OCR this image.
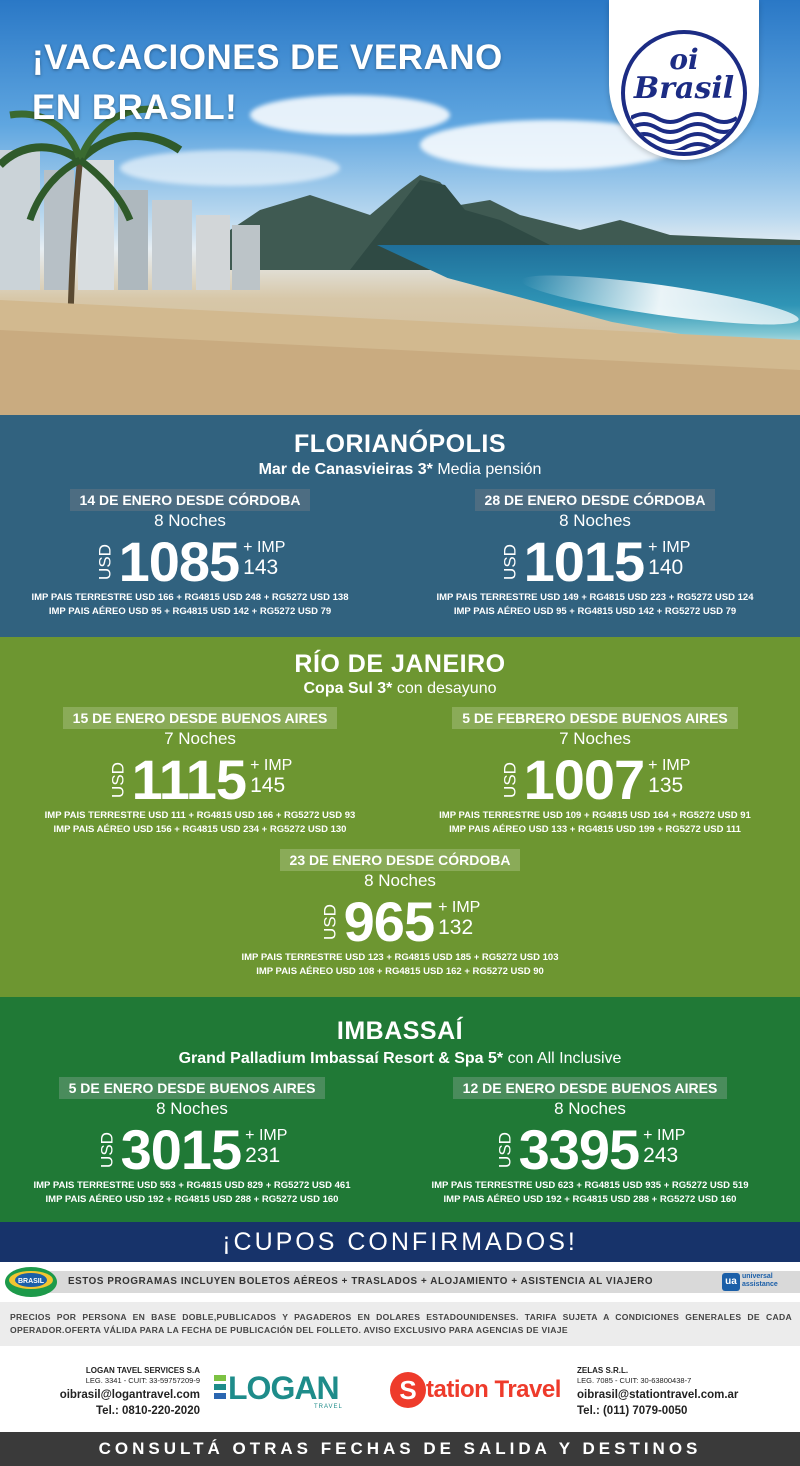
¡VACACIONES DE VERANO
EN BRASIL!
oi
Brasil
FLORIANÓPOLIS
Mar de Canasvieiras 3* Media pensión
14 DE ENERO DESDE CÓRDOBA
8 Noches
USD 1085 + IMP
143
IMP PAIS TERRESTRE USD 166 + RG4815 USD 248 + RG5272 USD 138
IMP PAIS AÉREO USD 95 + RG4815 USD 142 + RG5272 USD 79
28 DE ENERO DESDE CÓRDOBA
8 Noches
USD 1015 + IMP
140
IMP PAIS TERRESTRE USD 149 + RG4815 USD 223 + RG5272 USD 124
IMP PAIS AÉREO USD 95 + RG4815 USD 142 + RG5272 USD 79
RÍO DE JANEIRO
Copa Sul 3* con desayuno
15 DE ENERO DESDE BUENOS AIRES
7 Noches
USD 1115 + IMP
145
IMP PAIS TERRESTRE USD 111 + RG4815 USD 166 + RG5272 USD 93
IMP PAIS AÉREO USD 156 + RG4815 USD 234 + RG5272 USD 130
5 DE FEBRERO DESDE BUENOS AIRES
7 Noches
USD 1007 + IMP
135
IMP PAIS TERRESTRE USD 109 + RG4815 USD 164 + RG5272 USD 91
IMP PAIS AÉREO USD 133 + RG4815 USD 199 + RG5272 USD 111
23 DE ENERO DESDE CÓRDOBA
8 Noches
USD 965 + IMP
132
IMP PAIS TERRESTRE USD 123 + RG4815 USD 185 + RG5272 USD 103
IMP PAIS AÉREO USD 108 + RG4815 USD 162 + RG5272 USD 90
IMBASSAÍ
Grand Palladium Imbassaí Resort & Spa 5* con All Inclusive
5 DE ENERO DESDE BUENOS AIRES
8 Noches
USD 3015 + IMP
231
IMP PAIS TERRESTRE USD 553 + RG4815 USD 829 + RG5272 USD 461
IMP PAIS AÉREO USD 192 + RG4815 USD 288 + RG5272 USD 160
12 DE ENERO DESDE BUENOS AIRES
8 Noches
USD 3395 + IMP
243
IMP PAIS TERRESTRE USD 623 + RG4815 USD 935 + RG5272 USD 519
IMP PAIS AÉREO USD 192 + RG4815 USD 288 + RG5272 USD 160
¡CUPOS CONFIRMADOS!
BRASIL ESTOS PROGRAMAS INCLUYEN BOLETOS AÉREOS + TRASLADOS + ALOJAMIENTO + ASISTENCIA AL VIAJERO	ua universal
assistance
PRECIOS POR PERSONA EN BASE DOBLE,PUBLICADOS Y PAGADEROS EN DOLARES ESTADOUNIDENSES. TARIFA SUJETA A CONDICIONES GENERALES DE CADA OPERADOR.OFERTA VÁLIDA PARA LA FECHA DE PUBLICACIÓN DEL FOLLETO. AVISO EXCLUSIVO PARA AGENCIAS DE VIAJE
LOGAN TAVEL SERVICES S.A
LEG. 3341 - CUIT: 33-59757209-9
oibrasil@logantravel.com
Tel.: 0810-220-2020
LOGAN
TRAVEL
S tation Travel
ZELAS S.R.L.
LEG. 7085 - CUIT: 30-63800438-7
oibrasil@stationtravel.com.ar
Tel.: (011) 7079-0050
CONSULTÁ OTRAS FECHAS DE SALIDA Y DESTINOS
